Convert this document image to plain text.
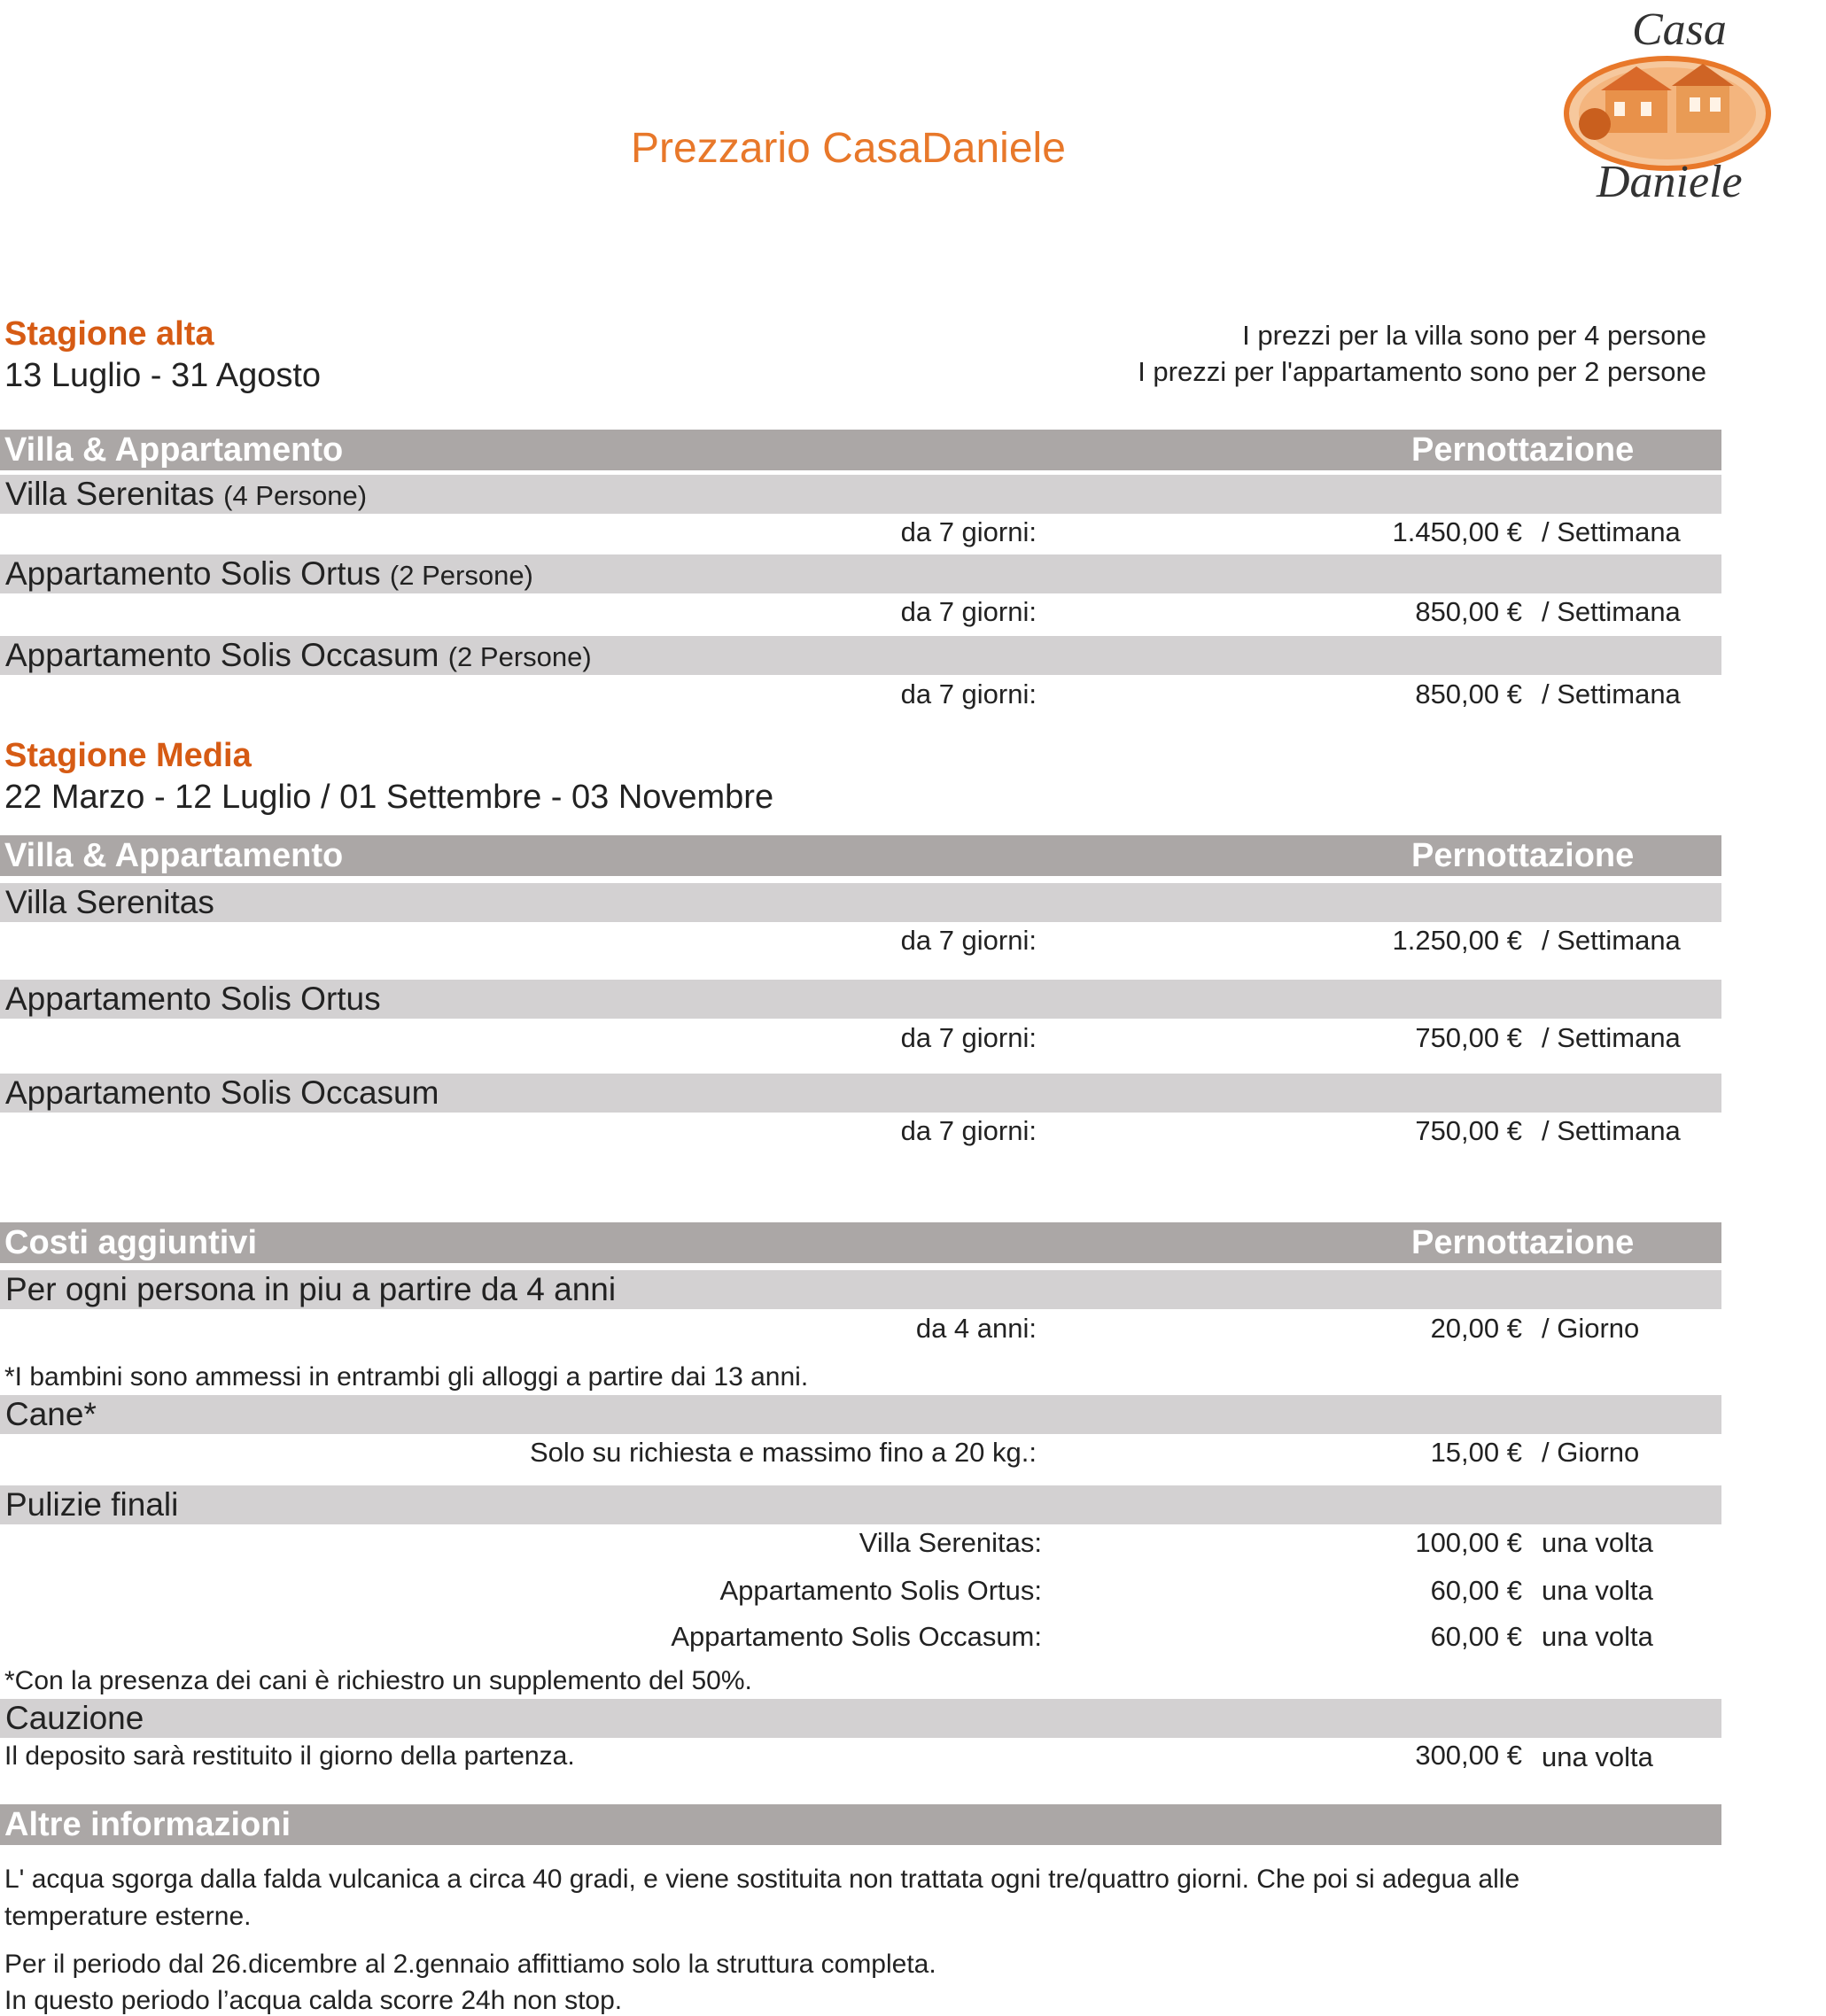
Prezzario CasaDaniele
Casa
Daniele
Stagione alta
13 Luglio - 31 Agosto
I prezzi per la villa sono per 4 persone
I prezzi per l'appartamento sono per 2 persone
Villa & Appartamento	Pernottazione
Villa Serenitas (4 Persone)
da 7 giorni:	1.450,00 € / Settimana
Appartamento Solis Ortus (2 Persone)
da 7 giorni:	850,00 € / Settimana
Appartamento Solis Occasum (2 Persone)
da 7 giorni:	850,00 € / Settimana
Stagione Media
22 Marzo - 12 Luglio / 01 Settembre - 03 Novembre
Villa & Appartamento	Pernottazione
Villa Serenitas
da 7 giorni:	1.250,00 € / Settimana
Appartamento Solis Ortus
da 7 giorni:	750,00 € / Settimana
Appartamento Solis Occasum
da 7 giorni:	750,00 € / Settimana
Costi aggiuntivi	Pernottazione
Per ogni persona in piu a partire da 4 anni
da 4 anni:	20,00 € / Giorno
*I bambini sono ammessi in entrambi gli alloggi a partire dai 13 anni.
Cane*
Solo su richiesta e massimo fino a 20 kg.:	15,00 € / Giorno
Pulizie finali
Villa Serenitas:	100,00 € una volta
Appartamento Solis Ortus:	60,00 € una volta
Appartamento Solis Occasum:	60,00 € una volta
*Con la presenza dei cani è richiestro un supplemento del 50%.
Cauzione
Il deposito sarà restituito il giorno della partenza.	300,00 € una volta
Altre informazioni
L' acqua sgorga dalla falda vulcanica a circa 40 gradi, e viene sostituita non trattata ogni tre/quattro giorni. Che poi si adegua alle temperature esterne.
Per il periodo dal 26.dicembre al 2.gennaio affittiamo solo la struttura completa.
In questo periodo l’acqua calda scorre 24h non stop.
